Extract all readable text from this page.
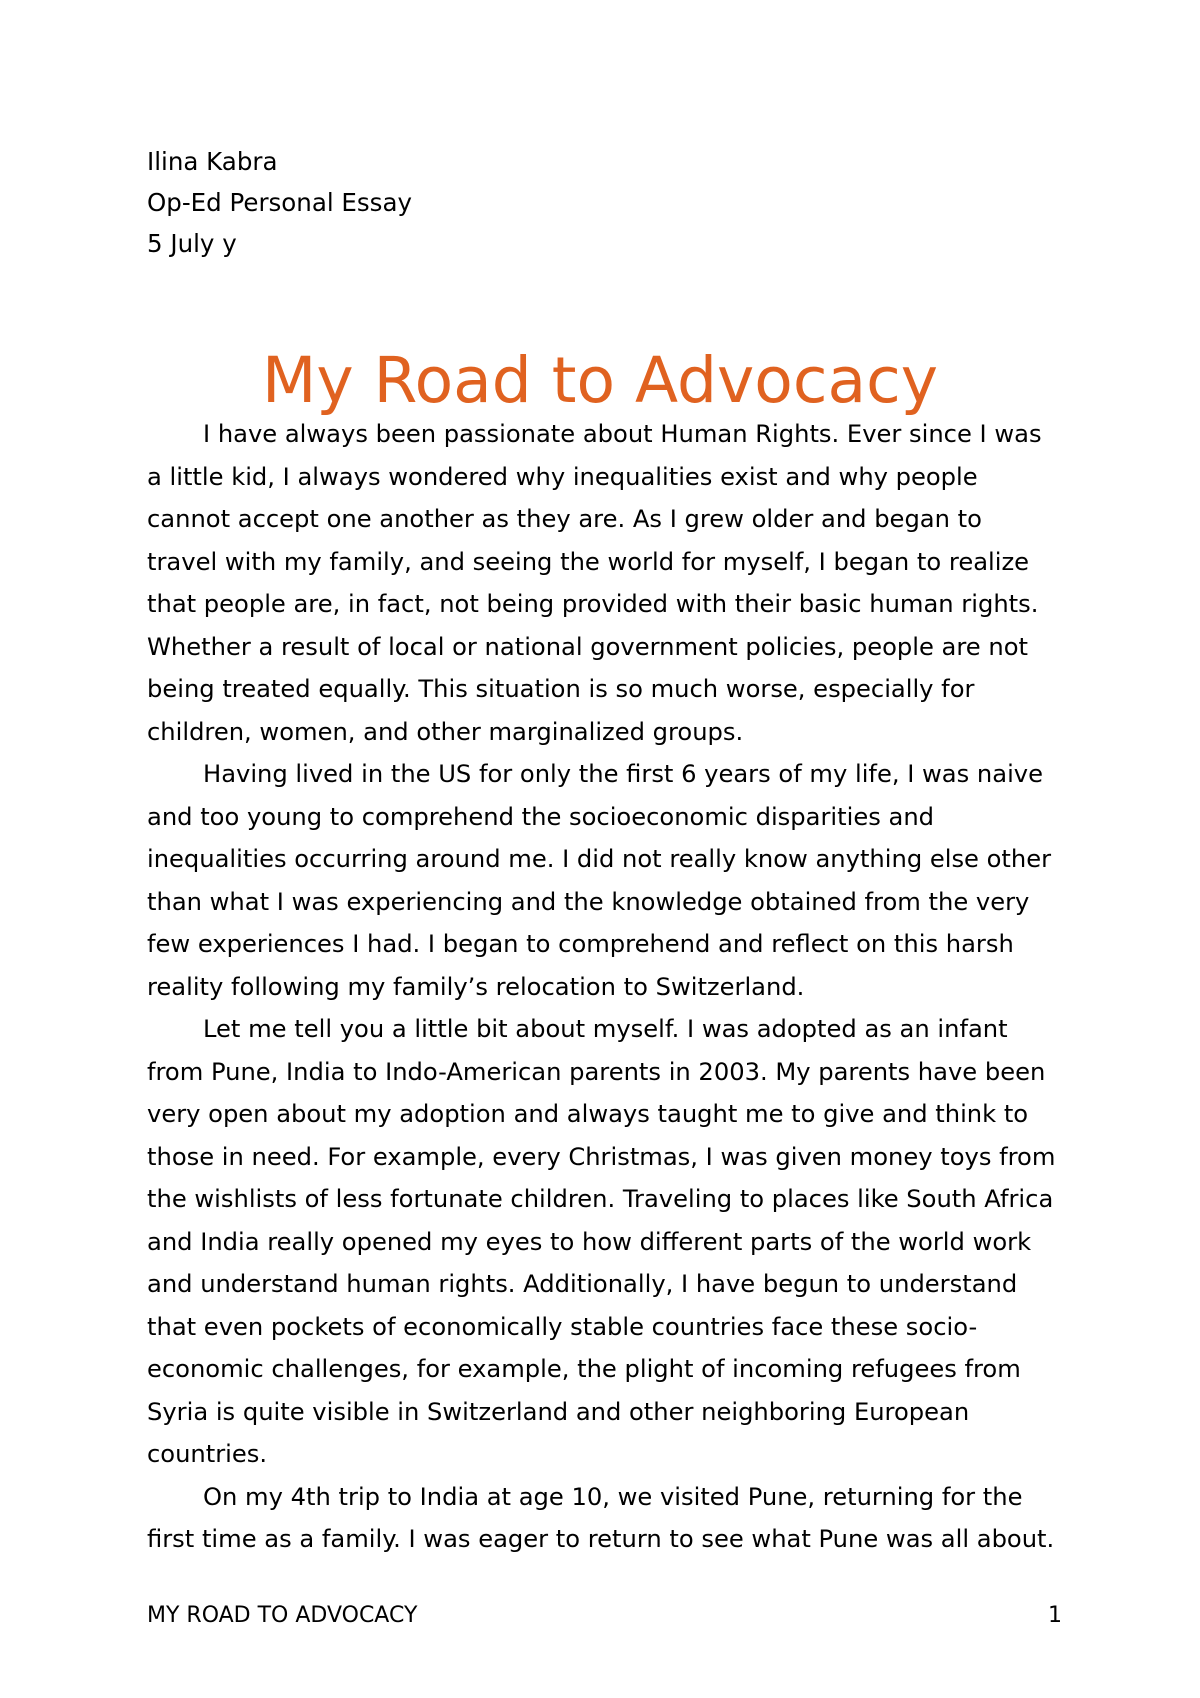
Ilina Kabra
Op-Ed Personal Essay
5 July y
My Road to Advocacy

I have always been passionate about Human Rights. Ever since I was
a little kid, I always wondered why inequalities exist and why people
cannot accept one another as they are. As I grew older and began to
travel with my family, and seeing the world for myself, I began to realize
that people are, in fact, not being provided with their basic human rights.
Whether a result of local or national government policies, people are not
being treated equally. This situation is so much worse, especially for
children, women, and other marginalized groups.

Having lived in the US for only the first 6 years of my life, I was naive
and too young to comprehend the socioeconomic disparities and
inequalities occurring around me. I did not really know anything else other
than what I was experiencing and the knowledge obtained from the very
few experiences I had. I began to comprehend and reflect on this harsh
reality following my family’s relocation to Switzerland.

Let me tell you a little bit about myself. I was adopted as an infant
from Pune, India to Indo-American parents in 2003. My parents have been
very open about my adoption and always taught me to give and think to
those in need. For example, every Christmas, I was given money toys from
the wishlists of less fortunate children. Traveling to places like South Africa
and India really opened my eyes to how different parts of the world work
and understand human rights. Additionally, I have begun to understand
that even pockets of economically stable countries face these socio-
economic challenges, for example, the plight of incoming refugees from
Syria is quite visible in Switzerland and other neighboring European
countries.

On my 4th trip to India at age 10, we visited Pune, returning for the
first time as a family. I was eager to return to see what Pune was all about.

MY ROAD TO ADVOCACY	1
